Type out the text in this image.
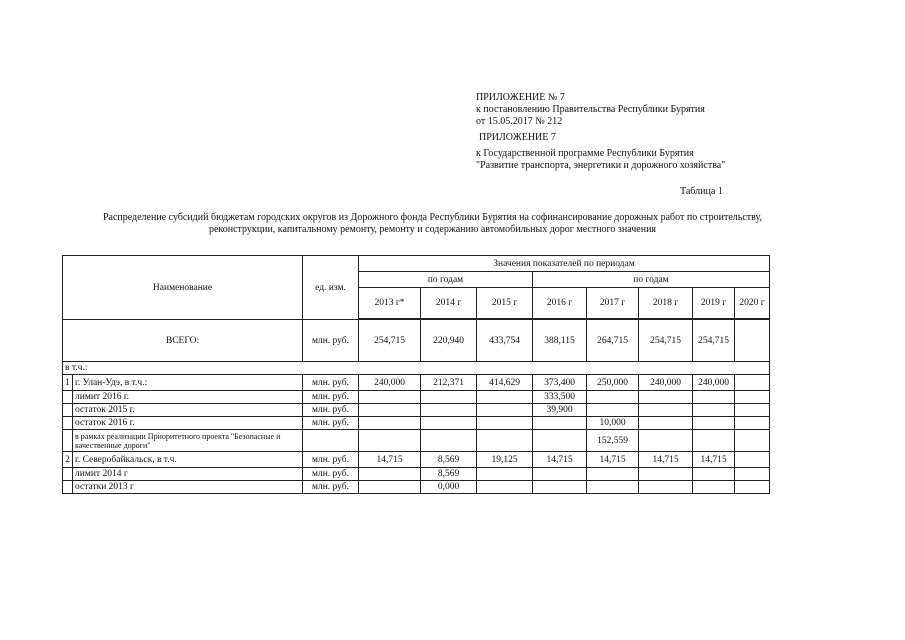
ПРИЛОЖЕНИЕ № 7
к постановлению Правительства Республики Бурятия
от 15.05.2017 № 212
ПРИЛОЖЕНИЕ 7
к Государственной программе Республики Бурятия
"Развитие транспорта, энергетики и дорожного хозяйства"
Таблица 1
Распределение субсидий бюджетам городских округов из Дорожного фонда Республики Бурятия на софинансирование дорожных работ по строительству,
реконструкции, капитальному ремонту, ремонту и содержанию автомобильных дорог местного значения
Наименование		ед. изм.	Значения показателей по периодам							
			по годам			по годам				
			2013 г*	2014 г	2015 г	2016 г	2017 г	2018 г	2019 г	2020 г

ВСЕГО:		млн. руб.	254,715	220,940	433,754	388,115	264,715	254,715	254,715	
в т.ч.:										
1	г. Улан-Удэ, в т.ч.:	млн. руб.	240,000	212,371	414,629	373,400	250,000	240,000	240,000	
	лимит 2016 г.	млн. руб.				333,500				
	остаток 2015 г.	млн. руб.				39,900				
	остаток 2016 г.	млн. руб.					10,000			
	в рамках реализации Приоритетного проекта "Безопасные и качественные дороги"						152,559			
2	г. Северобайкальск, в т.ч.	млн. руб.	14,715	8,569	19,125	14,715	14,715	14,715	14,715	
	лимит 2014 г	млн. руб.		8,569						
	остатки 2013 г	млн. руб.		0,000						
